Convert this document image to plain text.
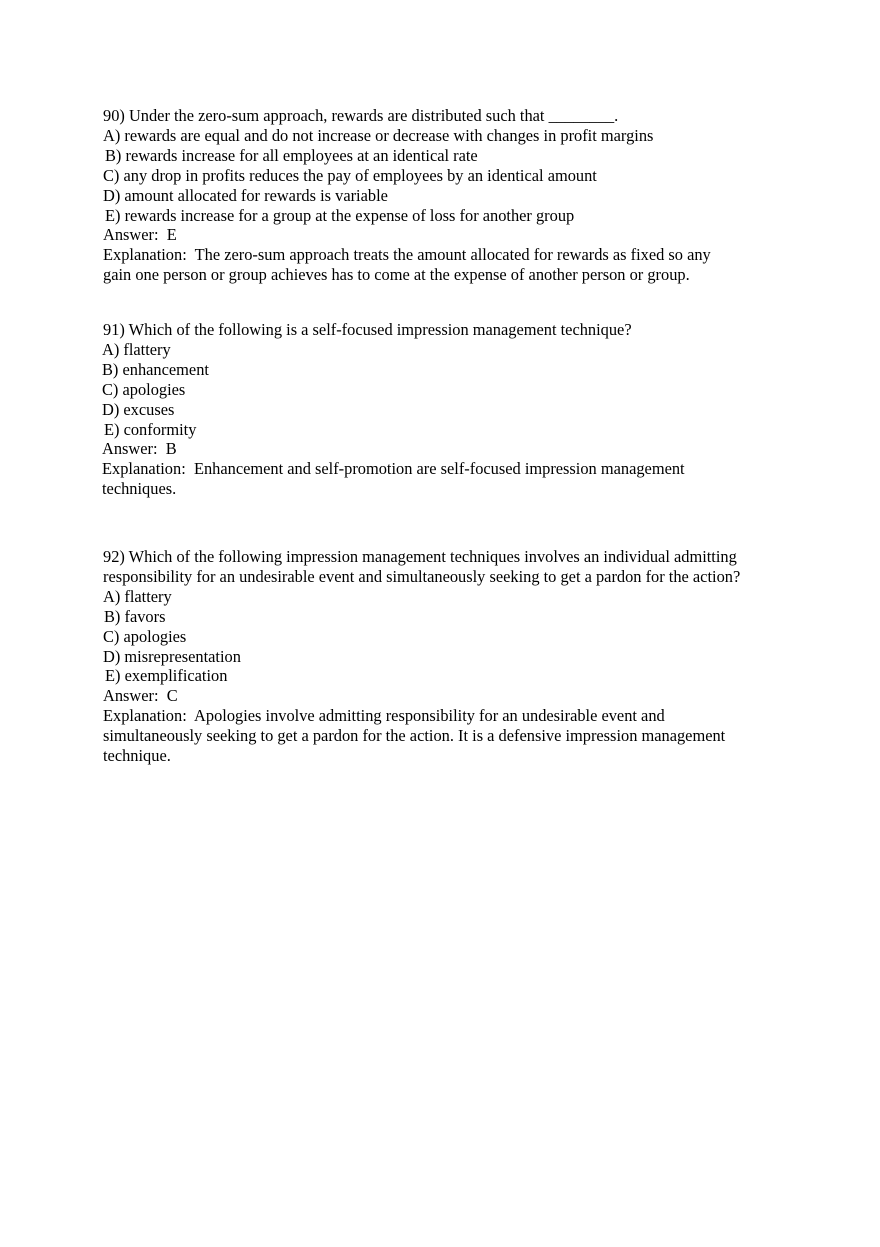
90) Under the zero-sum approach, rewards are distributed such that ________.
A) rewards are equal and do not increase or decrease with changes in profit margins
B) rewards increase for all employees at an identical rate
C) any drop in profits reduces the pay of employees by an identical amount
D) amount allocated for rewards is variable
E) rewards increase for a group at the expense of loss for another group
Answer:  E
Explanation:  The zero-sum approach treats the amount allocated for rewards as fixed so any
gain one person or group achieves has to come at the expense of another person or group.
91) Which of the following is a self-focused impression management technique?
A) flattery
B) enhancement
C) apologies
D) excuses
E) conformity
Answer:  B
Explanation:  Enhancement and self-promotion are self-focused impression management
techniques.
92) Which of the following impression management techniques involves an individual admitting
responsibility for an undesirable event and simultaneously seeking to get a pardon for the action?
A) flattery
B) favors
C) apologies
D) misrepresentation
E) exemplification
Answer:  C
Explanation:  Apologies involve admitting responsibility for an undesirable event and
simultaneously seeking to get a pardon for the action. It is a defensive impression management
technique.
